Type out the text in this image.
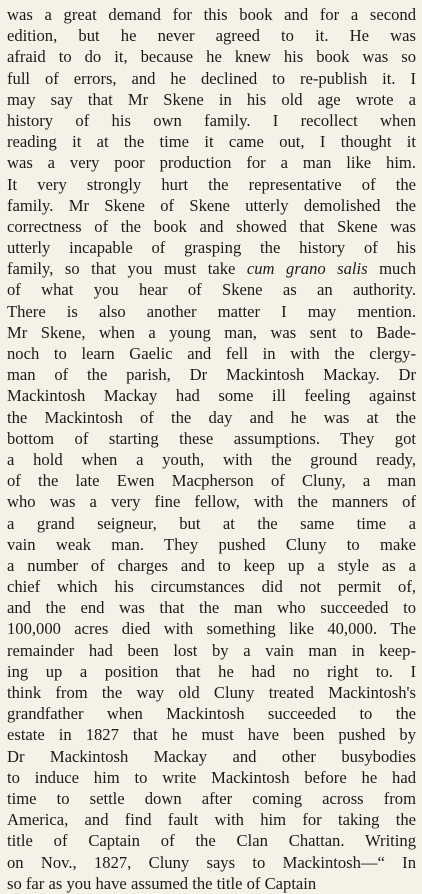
was a great demand for this book and for a second
edition, but he never agreed to it. He was
afraid to do it, because he knew his book was so
full of errors, and he declined to re-publish it. I
may say that Mr Skene in his old age wrote a
history of his own family. I recollect when
reading it at the time it came out, I thought it
was a very poor production for a man like him.
It very strongly hurt the representative of the
family. Mr Skene of Skene utterly demolished the
correctness of the book and showed that Skene was
utterly incapable of grasping the history of his
family, so that you must take cum grano salis much
of what you hear of Skene as an authority.
There is also another matter I may mention.
Mr Skene, when a young man, was sent to Bade-
noch to learn Gaelic and fell in with the clergy-
man of the parish, Dr Mackintosh Mackay. Dr
Mackintosh Mackay had some ill feeling against
the Mackintosh of the day and he was at the
bottom of starting these assumptions. They got
a hold when a youth, with the ground ready,
of the late Ewen Macpherson of Cluny, a man
who was a very fine fellow, with the manners of
a grand seigneur, but at the same time a
vain weak man. They pushed Cluny to make
a number of charges and to keep up a style as a
chief which his circumstances did not permit of,
and the end was that the man who succeeded to
100,000 acres died with something like 40,000. The
remainder had been lost by a vain man in keep-
ing up a position that he had no right to. I
think from the way old Cluny treated Mackintosh's
grandfather when Mackintosh succeeded to the
estate in 1827 that he must have been pushed by
Dr Mackintosh Mackay and other busybodies
to induce him to write Mackintosh before he had
time to settle down after coming across from
America, and find fault with him for taking the
title of Captain of the Clan Chattan. Writing
on Nov., 1827, Cluny says to Mackintosh—“ In
so far as you have assumed the title of Captain
